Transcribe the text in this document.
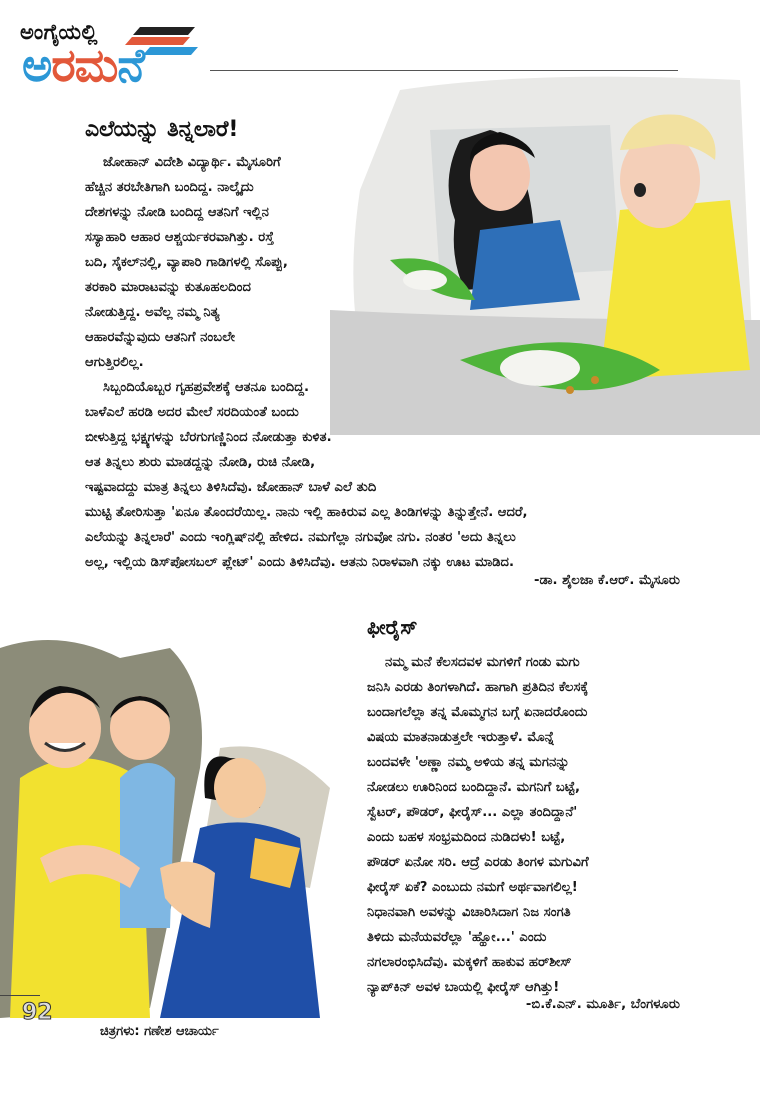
ಅಂಗೈಯಲ್ಲಿ
ಅರಮನೆ
ಎಲೆಯನ್ನು ತಿನ್ನಲಾರೆ!

ಜೋಹಾನ್ ವಿದೇಶಿ ವಿದ್ಯಾರ್ಥಿ. ಮೈಸೂರಿಗೆ

ಹೆಚ್ಚಿನ ತರಬೇತಿಗಾಗಿ ಬಂದಿದ್ದ. ನಾಲ್ಕೈದು

ದೇಶಗಳನ್ನು ನೋಡಿ ಬಂದಿದ್ದ ಆತನಿಗೆ ಇಲ್ಲಿನ

ಸಸ್ಯಾಹಾರಿ ಆಹಾರ ಆಶ್ಚರ್ಯಕರವಾಗಿತ್ತು. ರಸ್ತೆ

ಬದಿ, ಸೈಕಲ್‌ನಲ್ಲಿ, ವ್ಯಾಪಾರಿ ಗಾಡಿಗಳಲ್ಲಿ ಸೊಪ್ಪು,

ತರಕಾರಿ ಮಾರಾಟವನ್ನು ಕುತೂಹಲದಿಂದ

ನೋಡುತ್ತಿದ್ದ. ಅವೆಲ್ಲ ನಮ್ಮ ನಿತ್ಯ

ಆಹಾರವೆನ್ನುವುದು ಆತನಿಗೆ ನಂಬಲೇ

ಆಗುತ್ತಿರಲಿಲ್ಲ.

ಸಿಬ್ಬಂದಿಯೊಬ್ಬರ ಗೃಹಪ್ರವೇಶಕ್ಕೆ ಆತನೂ ಬಂದಿದ್ದ.

ಬಾಳೆಎಲೆ ಹರಡಿ ಅದರ ಮೇಲೆ ಸರದಿಯಂತೆ ಬಂದು

ಬೀಳುತ್ತಿದ್ದ ಭಕ್ಷ್ಯಗಳನ್ನು ಬೆರಗುಗಣ್ಣಿನಿಂದ ನೋಡುತ್ತಾ ಕುಳಿತ.

ಆತ ತಿನ್ನಲು ಶುರು ಮಾಡದ್ದನ್ನು ನೋಡಿ, ರುಚಿ ನೋಡಿ,

ಇಷ್ಟವಾದದ್ದು ಮಾತ್ರ ತಿನ್ನಲು ತಿಳಿಸಿದೆವು. ಜೋಹಾನ್ ಬಾಳೆ ಎಲೆ ತುದಿ

ಮುಟ್ಟಿ ತೋರಿಸುತ್ತಾ 'ಏನೂ ತೊಂದರೆಯಿಲ್ಲ. ನಾನು ಇಲ್ಲಿ ಹಾಕಿರುವ ಎಲ್ಲ ತಿಂಡಿಗಳನ್ನು ತಿನ್ನುತ್ತೇನೆ. ಆದರೆ,

ಎಲೆಯನ್ನು ತಿನ್ನಲಾರೆ' ಎಂದು ಇಂಗ್ಲಿಷ್‌ನಲ್ಲಿ ಹೇಳಿದ. ನಮಗೆಲ್ಲಾ ನಗುವೋ ನಗು. ನಂತರ 'ಅದು ತಿನ್ನಲು

ಅಲ್ಲ, ಇಲ್ಲಿಯ ಡಿಸ್‌ಪೋಸಬಲ್ ಪ್ಲೇಟ್' ಎಂದು ತಿಳಿಸಿದೆವು. ಆತನು ನಿರಾಳವಾಗಿ ನಕ್ಕು ಊಟ ಮಾಡಿದ.

-ಡಾ. ಶೈಲಜಾ ಕೆ.ಆರ್. ಮೈಸೂರು
ಫೀರೈಸ್

ನಮ್ಮ ಮನೆ ಕೆಲಸದವಳ ಮಗಳಿಗೆ ಗಂಡು ಮಗು

ಜನಿಸಿ ಎರಡು ತಿಂಗಳಾಗಿದೆ. ಹಾಗಾಗಿ ಪ್ರತಿದಿನ ಕೆಲಸಕ್ಕೆ

ಬಂದಾಗಲೆಲ್ಲಾ ತನ್ನ ಮೊಮ್ಮಗನ ಬಗ್ಗೆ ಏನಾದರೊಂದು

ವಿಷಯ ಮಾತನಾಡುತ್ತಲೇ ಇರುತ್ತಾಳೆ. ಮೊನ್ನೆ

ಬಂದವಳೇ 'ಅಣ್ಣಾ ನಮ್ಮ ಅಳಿಯ ತನ್ನ ಮಗನನ್ನು

ನೋಡಲು ಊರಿನಿಂದ ಬಂದಿದ್ದಾನೆ. ಮಗನಿಗೆ ಬಟ್ಟೆ,

ಸ್ವೆಟರ್, ಪೌಡರ್, ಫೀರೈಸ್... ಎಲ್ಲಾ ತಂದಿದ್ದಾನೆ'

ಎಂದು ಬಹಳ ಸಂಭ್ರಮದಿಂದ ನುಡಿದಳು! ಬಟ್ಟೆ,

ಪೌಡರ್ ಏನೋ ಸರಿ. ಆದ್ರೆ ಎರಡು ತಿಂಗಳ ಮಗುವಿಗೆ

ಫೀರೈಸ್ ಏಕೆ? ಎಂಬುದು ನಮಗೆ ಅರ್ಥವಾಗಲಿಲ್ಲ!

ನಿಧಾನವಾಗಿ ಅವಳನ್ನು ವಿಚಾರಿಸಿದಾಗ ನಿಜ ಸಂಗತಿ

ತಿಳಿದು ಮನೆಯವರೆಲ್ಲಾ 'ಹ್ಹೋ...' ಎಂದು

ನಗಲಾರಂಭಿಸಿದೆವು. ಮಕ್ಕಳಿಗೆ ಹಾಕುವ ಹರ್‌ಶೀಸ್

ನ್ಯಾಪ್‌ಕಿನ್ ಅವಳ ಬಾಯಲ್ಲಿ ಫೀರೈಸ್ ಆಗಿತ್ತು!

-ಬಿ.ಕೆ.ಎನ್. ಮೂರ್ತಿ, ಬೆಂಗಳೂರು
92
ಚಿತ್ರಗಳು: ಗಣೇಶ ಆಚಾರ್ಯ
